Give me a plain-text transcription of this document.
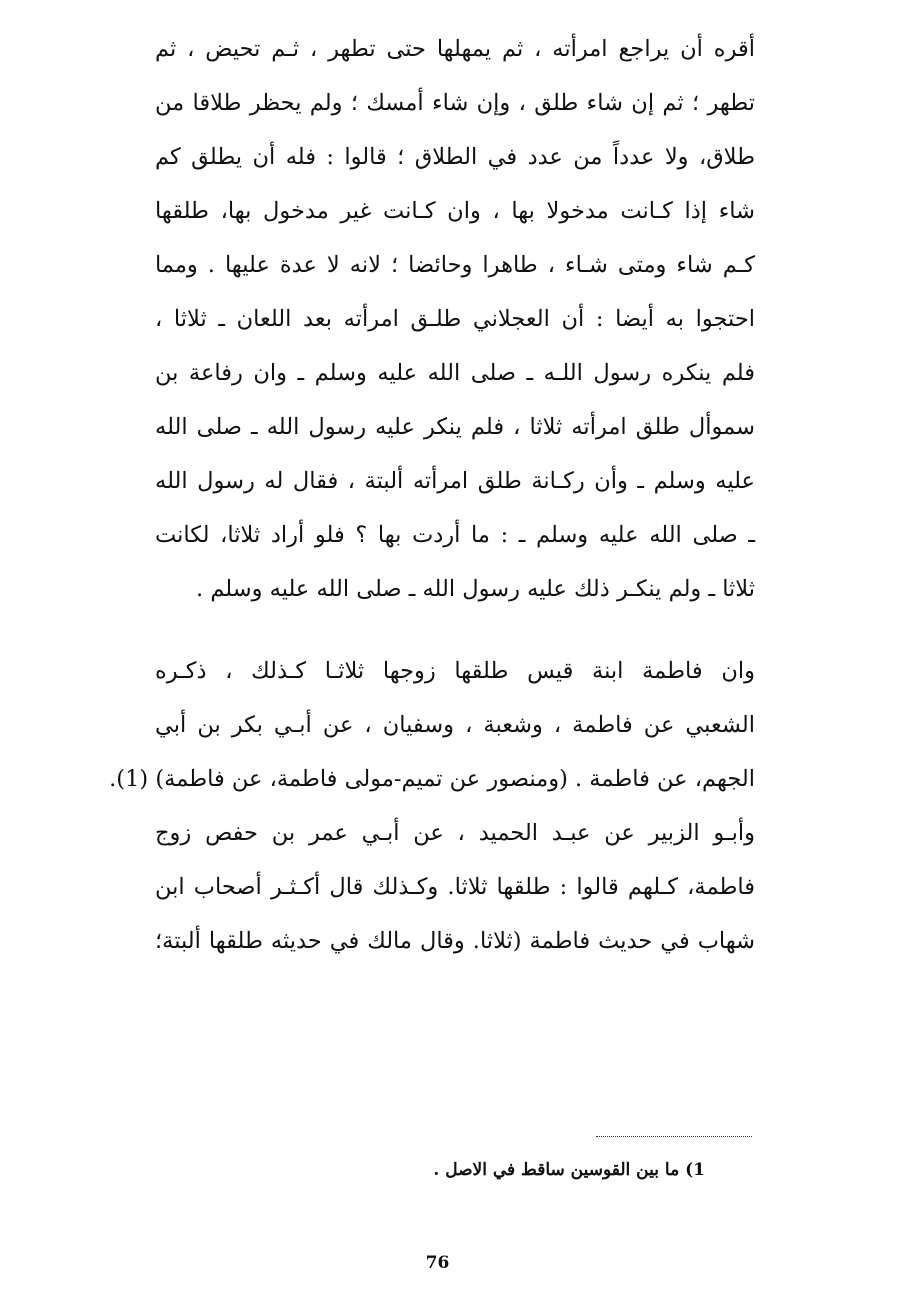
أقره أن يراجع امرأته ، ثم يمهلها حتى تطهر ، ثـم تحيض ، ثم
تطهر ؛ ثم إن شاء طلق ، وإن شاء أمسك ؛ ولم يحظر طلاقا من
طلاق، ولا عدداً من عدد في الطلاق ؛ قالوا : فله أن يطلق كم
شاء إذا كـانت مدخولا بها ، وان كـانت غير مدخول بها، طلقها
كـم شاء ومتى شـاء ، طاهرا وحائضا ؛ لانه لا عدة عليها . ومما
احتجوا به أيضا : أن العجلاني طلـق امرأته بعد اللعان ـ ثلاثا ،
فلم ينكره رسول اللـه ـ صلى الله عليه وسلم ـ وان رفاعة بن
سموأل طلق امرأته ثلاثا ، فلم ينكر عليه رسول الله ـ صلى الله
عليه وسلم ـ وأن ركـانة طلق امرأته ألبتة ، فقال له رسول الله
ـ صلى الله عليه وسلم ـ : ما أردت بها ؟ فلو أراد ثلاثا، لكانت
ثلاثا ـ ولم ينكـر ذلك عليه رسول الله ـ صلى الله عليه وسلم .
وان فاطمة ابنة قيس طلقها زوجها ثلاثـا كـذلك ، ذكـره
الشعبي عن فاطمة ، وشعبة ، وسفيان ، عن أبـي بكر بن أبي
الجهم، عن فاطمة . (ومنصور عن تميم-مولى فاطمة، عن فاطمة) (1).
وأبـو الزبير عن عبـد الحميد ، عن أبـي عمر بن حفص زوج
فاطمة، كـلهم قالوا : طلقها ثلاثا. وكـذلك قال أكـثـر أصحاب ابن
شهاب في حديث فاطمة (ثلاثا. وقال مالك في حديثه طلقها ألبتة؛
1) ما بين القوسين ساقط في الاصل .
76
